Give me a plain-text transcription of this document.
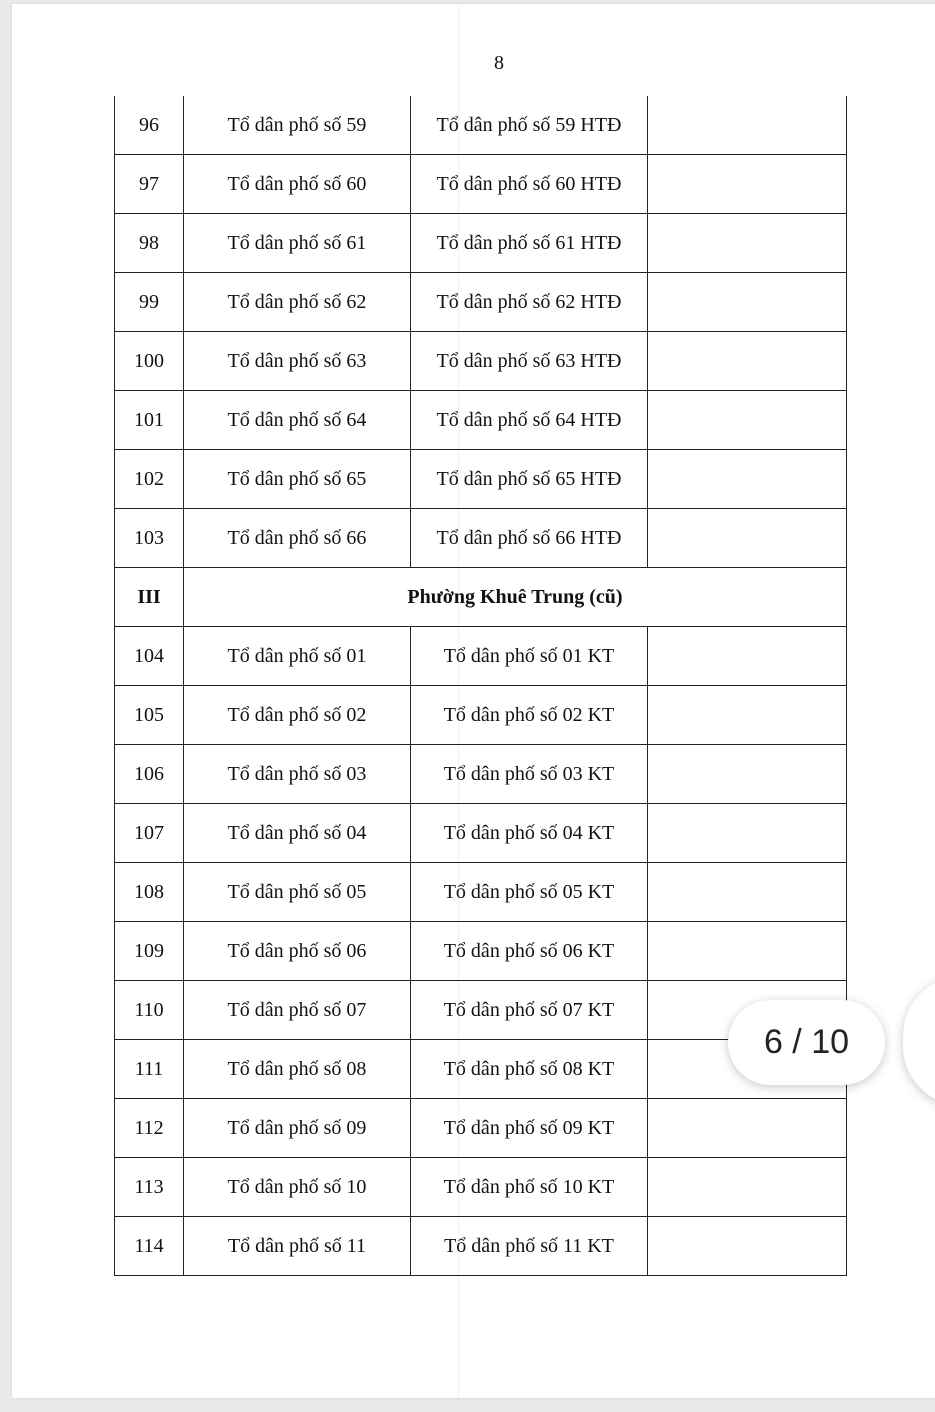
8
96	Tổ dân phố số 59	Tổ dân phố số 59 HTĐ	
97	Tổ dân phố số 60	Tổ dân phố số 60 HTĐ	
98	Tổ dân phố số 61	Tổ dân phố số 61 HTĐ	
99	Tổ dân phố số 62	Tổ dân phố số 62 HTĐ	
100	Tổ dân phố số 63	Tổ dân phố số 63 HTĐ	
101	Tổ dân phố số 64	Tổ dân phố số 64 HTĐ	
102	Tổ dân phố số 65	Tổ dân phố số 65 HTĐ	
103	Tổ dân phố số 66	Tổ dân phố số 66 HTĐ	
III	Phường Khuê Trung (cũ)		
104	Tổ dân phố số 01	Tổ dân phố số 01 KT	
105	Tổ dân phố số 02	Tổ dân phố số 02 KT	
106	Tổ dân phố số 03	Tổ dân phố số 03 KT	
107	Tổ dân phố số 04	Tổ dân phố số 04 KT	
108	Tổ dân phố số 05	Tổ dân phố số 05 KT	
109	Tổ dân phố số 06	Tổ dân phố số 06 KT	
110	Tổ dân phố số 07	Tổ dân phố số 07 KT	
111	Tổ dân phố số 08	Tổ dân phố số 08 KT	
112	Tổ dân phố số 09	Tổ dân phố số 09 KT	
113	Tổ dân phố số 10	Tổ dân phố số 10 KT	
114	Tổ dân phố số 11	Tổ dân phố số 11 KT	
6 / 10
